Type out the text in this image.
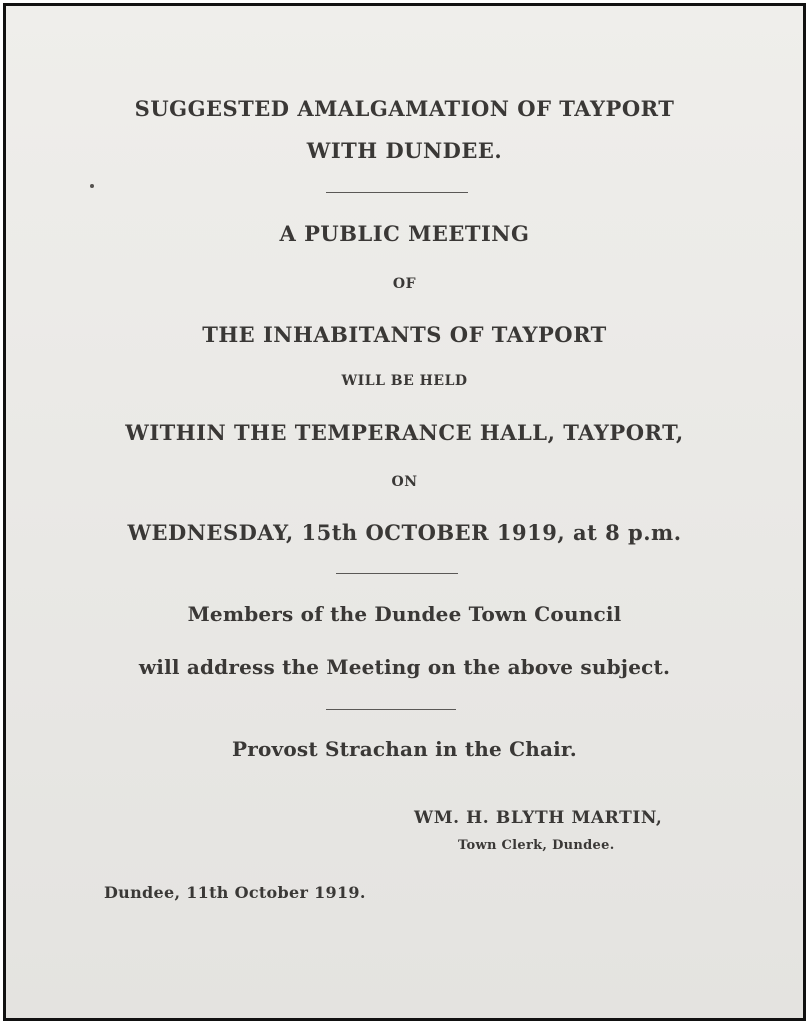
SUGGESTED AMALGAMATION OF TAYPORT
WITH DUNDEE.
A PUBLIC MEETING
OF
THE INHABITANTS OF TAYPORT
WILL BE HELD
WITHIN THE TEMPERANCE HALL, TAYPORT,
ON
WEDNESDAY, 15th OCTOBER 1919, at 8 p.m.
Members of the Dundee Town Council
will address the Meeting on the above subject.
Provost Strachan in the Chair.
WM. H. BLYTH MARTIN,
Town Clerk, Dundee.
Dundee, 11th October 1919.
